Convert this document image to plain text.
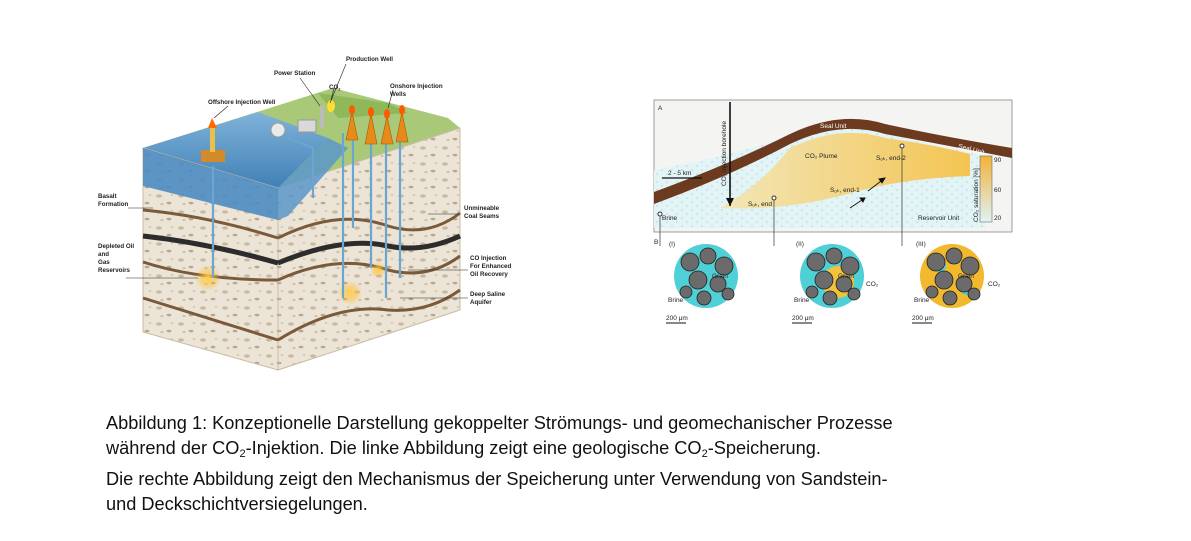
Power Station
Production Well
$CO_2$	Onshore Injection
Wells
Offshore Injection Well
Basalt
Formation
Depleted Oil
and
Gas
Reservoirs
Unmineable
Coal Seams
CO Injection
For Enhanced
Oil Recovery
Deep Saline
Aquifer
A
Seal Unit
Seal Unit
CO₂ Plume
CO₂ injection borehole
2 - 5 km
Brine	Reservoir Unit CO₂ saturation [%]
90
60
20
Sₒₖ, end-2
Sₒₖ, end-1
Sₒₖ, end
B (I)
Grain
Brine
200 μm
(II)
Grain
Brine
CO₂
200 μm
(III)
Grain
Brine
CO₂
200 μm

Abbildung 1: Konzeptionelle Darstellung gekoppelter Strömungs- und geomechanischer Prozesse

während der $CO_2$-Injektion. Die linke Abbildung zeigt eine geologische $CO_2$-Speicherung.

Die rechte Abbildung zeigt den Mechanismus der Speicherung unter Verwendung von Sandstein-

und Deckschichtversiegelungen.
